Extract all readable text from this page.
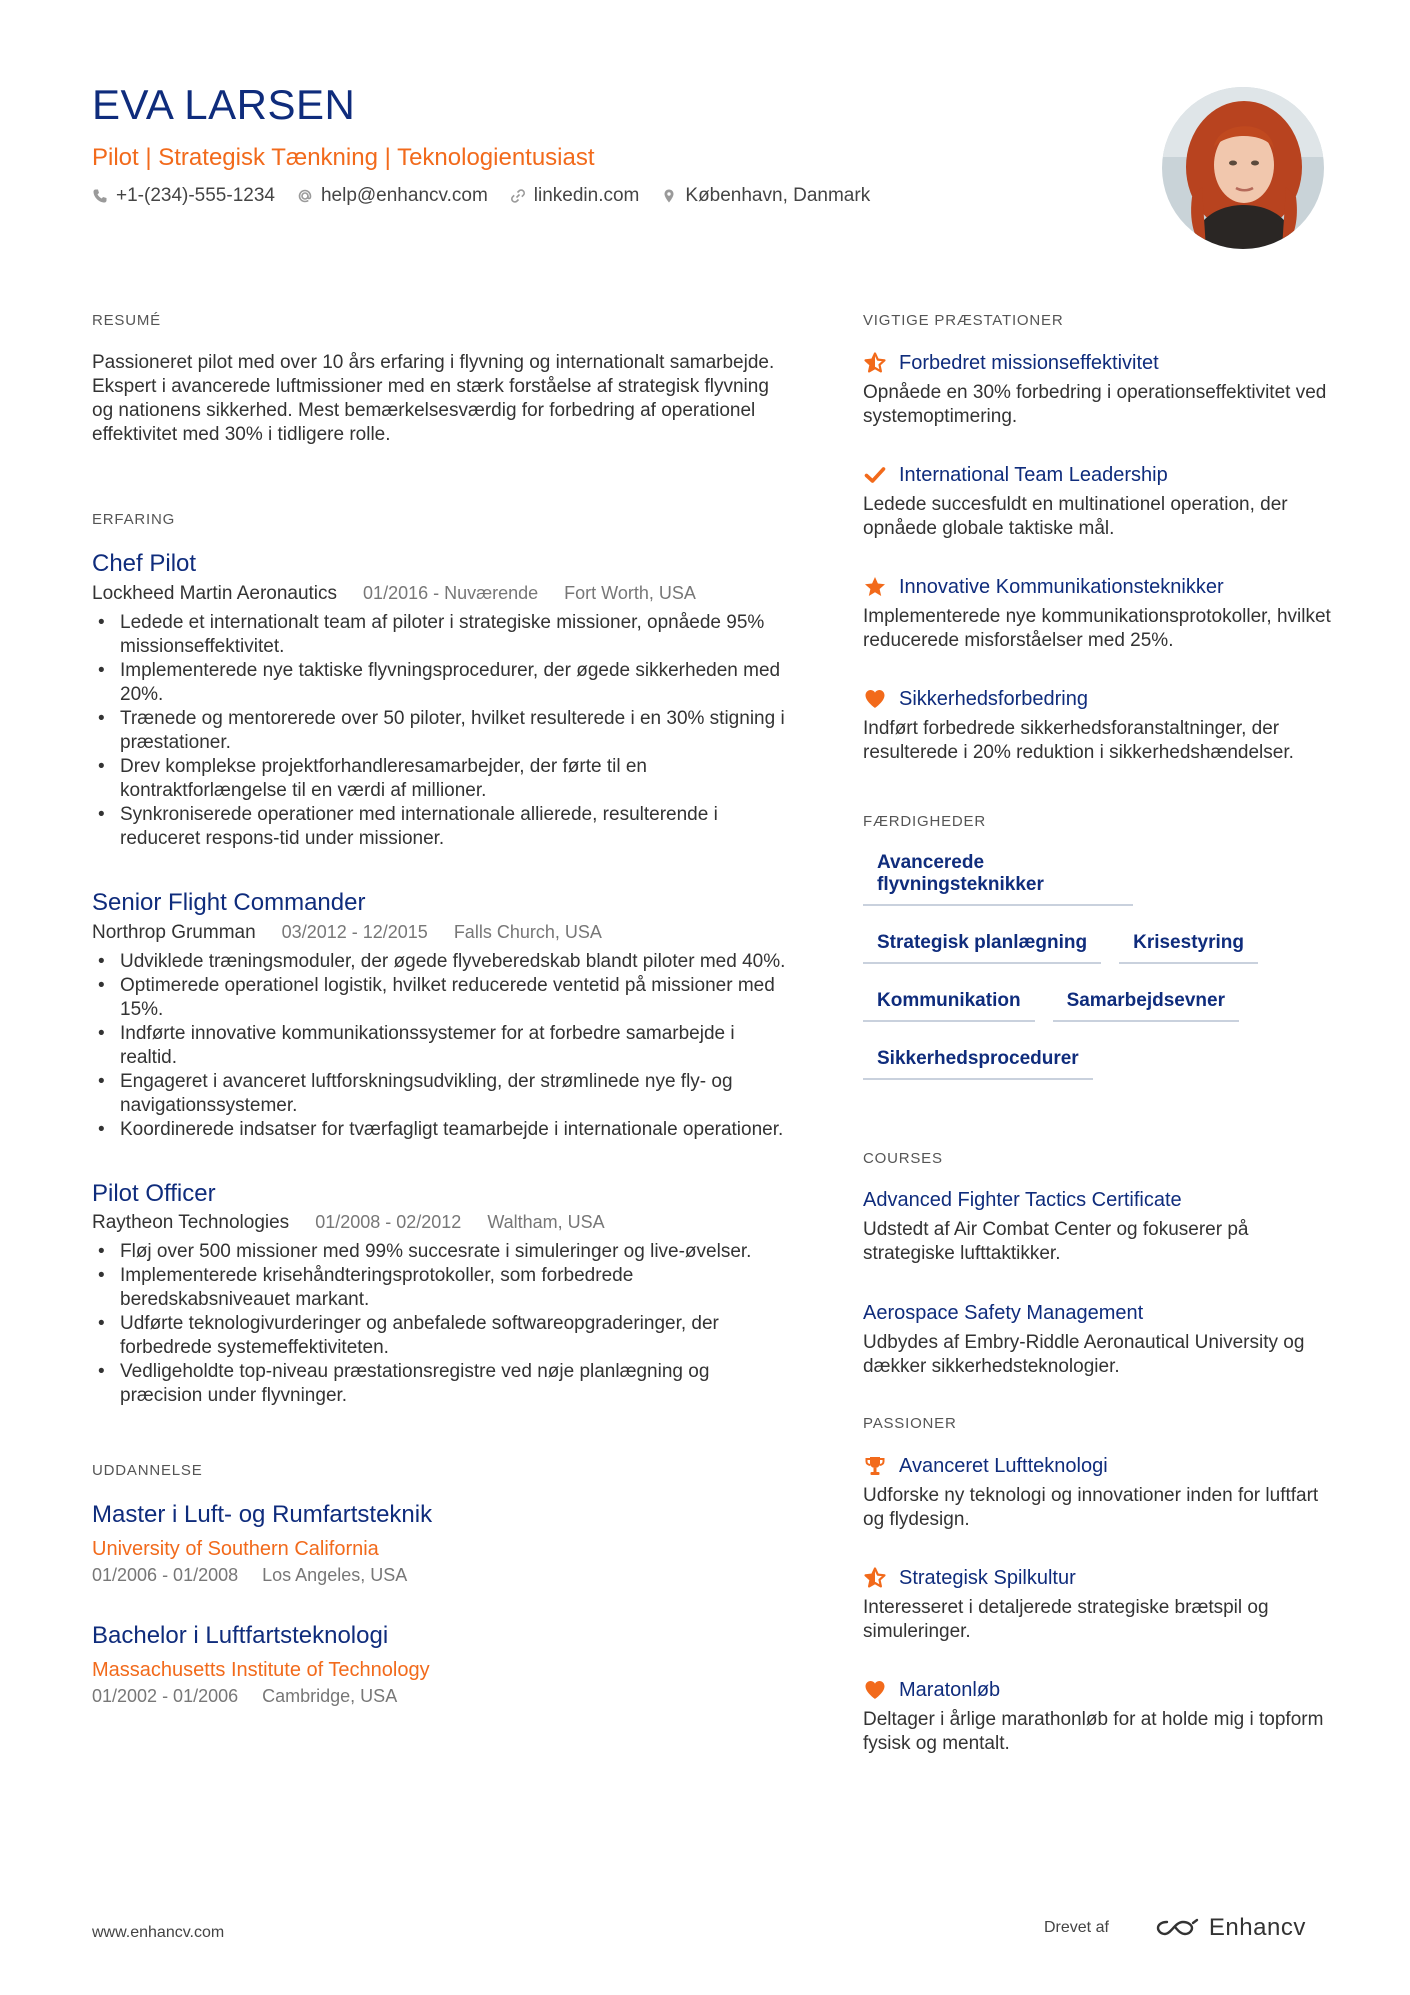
EVA LARSEN
Pilot | Strategisk Tænkning | Teknologientusiast
+1-(234)-555-1234 help@enhancv.com linkedin.com København, Danmark
RESUMÉ

Passioneret pilot med over 10 års erfaring i flyvning og internationalt samarbejde. Ekspert i avancerede luftmissioner med en stærk forståelse af strategisk flyvning og nationens sikkerhed. Mest bemærkelsesværdig for forbedring af operationel effektivitet med 30% i tidligere rolle.

ERFARING
Chef Pilot
Lockheed Martin Aeronautics 01/2016 - Nuværende Fort Worth, USA
• Ledede et internationalt team af piloter i strategiske missioner, opnåede 95% missionseffektivitet.
• Implementerede nye taktiske flyvningsprocedurer, der øgede sikkerheden med 20%.
• Trænede og mentorerede over 50 piloter, hvilket resulterede i en 30% stigning i præstationer.
• Drev komplekse projektforhandleresamarbejder, der førte til en kontraktforlængelse til en værdi af millioner.
• Synkroniserede operationer med internationale allierede, resulterende i reduceret respons-tid under missioner.
Senior Flight Commander
Northrop Grumman 03/2012 - 12/2015 Falls Church, USA
• Udviklede træningsmoduler, der øgede flyveberedskab blandt piloter med 40%.
• Optimerede operationel logistik, hvilket reducerede ventetid på missioner med 15%.
• Indførte innovative kommunikationssystemer for at forbedre samarbejde i realtid.
• Engageret i avanceret luftforskningsudvikling, der strømlinede nye fly- og navigationssystemer.
• Koordinerede indsatser for tværfagligt teamarbejde i internationale operationer.
Pilot Officer
Raytheon Technologies 01/2008 - 02/2012 Waltham, USA
• Fløj over 500 missioner med 99% succesrate i simuleringer og live-øvelser.
• Implementerede krisehåndteringsprotokoller, som forbedrede beredskabsniveauet markant.
• Udførte teknologivurderinger og anbefalede softwareopgraderinger, der forbedrede systemeffektiviteten.
• Vedligeholdte top-niveau præstationsregistre ved nøje planlægning og præcision under flyvninger.
UDDANNELSE
Master i Luft- og Rumfartsteknik
University of Southern California
01/2006 - 01/2008 Los Angeles, USA
Bachelor i Luftfartsteknologi
Massachusetts Institute of Technology
01/2002 - 01/2006 Cambridge, USA
VIGTIGE PRÆSTATIONER
Forbedret missionseffektivitet
Opnåede en 30% forbedring i operationseffektivitet ved systemoptimering.
International Team Leadership
Ledede succesfuldt en multinationel operation, der opnåede globale taktiske mål.
Innovative Kommunikationsteknikker
Implementerede nye kommunikationsprotokoller, hvilket reducerede misforståelser med 25%.
Sikkerhedsforbedring
Indført forbedrede sikkerhedsforanstaltninger, der resulterede i 20% reduktion i sikkerhedshændelser.
FÆRDIGHEDER
Avancerede flyvningsteknikker
Strategisk planlægning	Krisestyring
Kommunikation	Samarbejdsevner
Sikkerhedsprocedurer
COURSES
Advanced Fighter Tactics Certificate
Udstedt af Air Combat Center og fokuserer på strategiske lufttaktikker.
Aerospace Safety Management
Udbydes af Embry-Riddle Aeronautical University og dækker sikkerhedsteknologier.
PASSIONER
Avanceret Luftteknologi
Udforske ny teknologi og innovationer inden for luftfart og flydesign.
Strategisk Spilkultur
Interesseret i detaljerede strategiske brætspil og simuleringer.
Maratonløb
Deltager i årlige marathonløb for at holde mig i topform fysisk og mentalt.
www.enhancv.com	Drevet af	Enhancv
